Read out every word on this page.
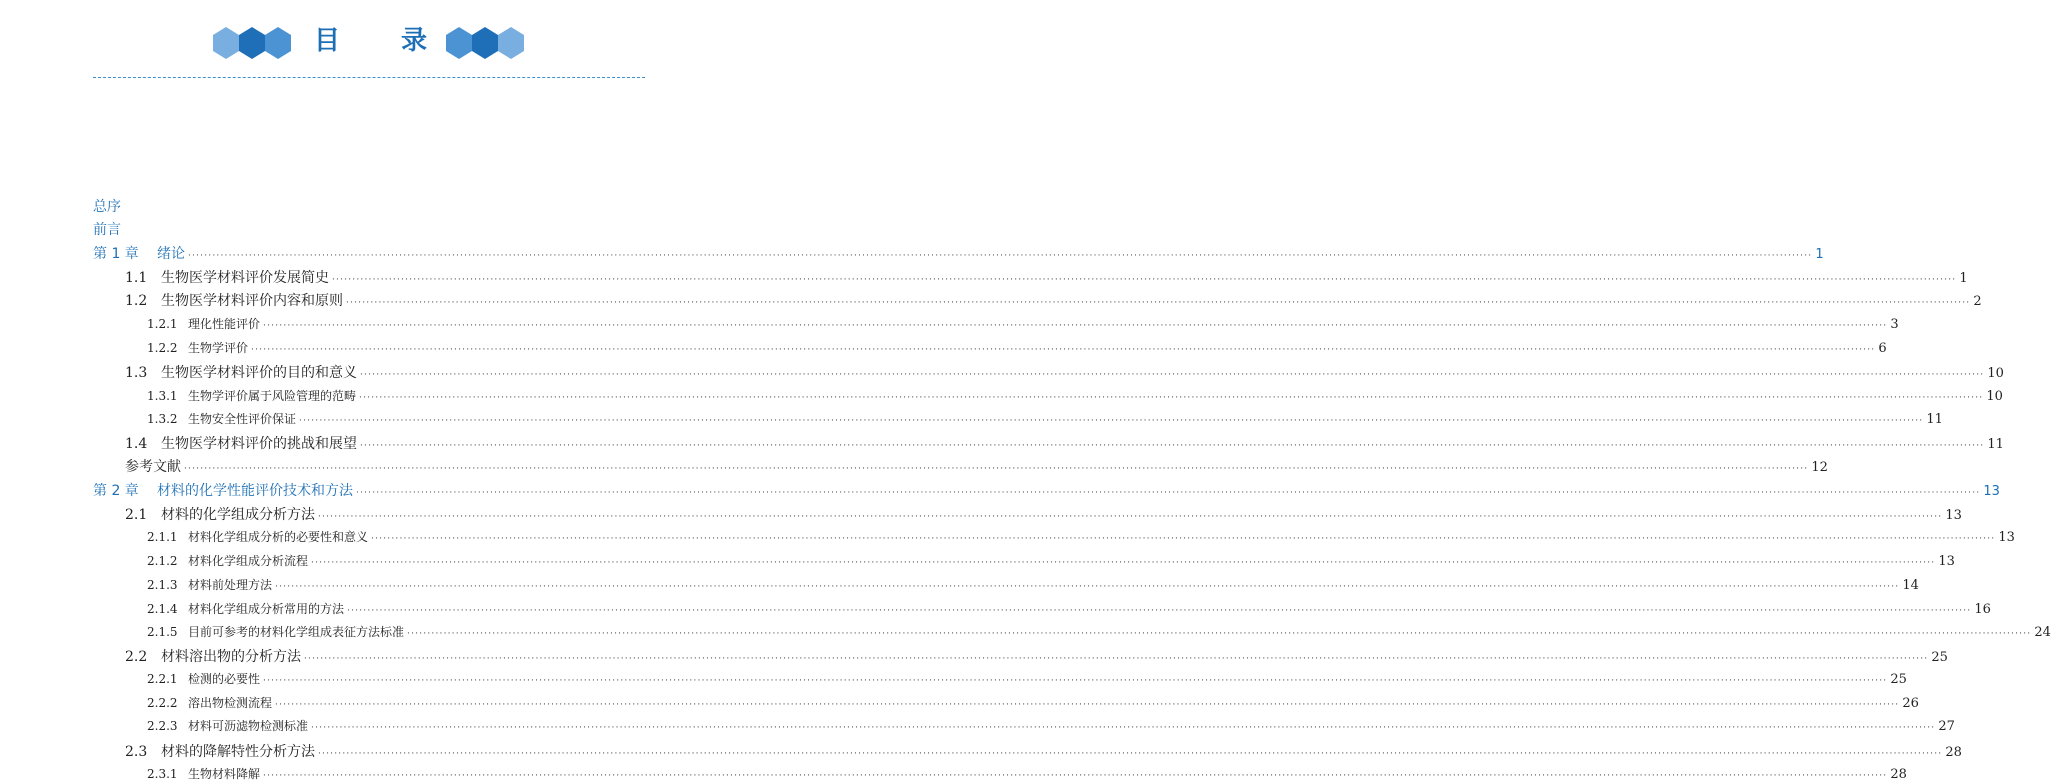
目 录
总序
前言
第 1 章	绪论 ················································································································································································································································································································································································································ 1
1.1 生物医学材料评价发展简史 ················································································································································································································································································································································································································ 1
1.2 生物医学材料评价内容和原则 ················································································································································································································································································································································································································ 2
1.2.1 理化性能评价 ················································································································································································································································································································································································································ 3
1.2.2 生物学评价 ················································································································································································································································································································································································································ 6
1.3 生物医学材料评价的目的和意义 ················································································································································································································································································································································································································ 10
1.3.1 生物学评价属于风险管理的范畴 ················································································································································································································································································································································································································ 10
1.3.2 生物安全性评价保证 ················································································································································································································································································································································································································ 11
1.4 生物医学材料评价的挑战和展望 ················································································································································································································································································································································································································ 11
参考文献 ················································································································································································································································································································································································································ 12
第 2 章	材料的化学性能评价技术和方法 ················································································································································································································································································································································································································ 13
2.1 材料的化学组成分析方法 ················································································································································································································································································································································································································ 13
2.1.1 材料化学组成分析的必要性和意义 ················································································································································································································································································································································································································ 13
2.1.2 材料化学组成分析流程 ················································································································································································································································································································································································································ 13
2.1.3 材料前处理方法 ················································································································································································································································································································································································································ 14
2.1.4 材料化学组成分析常用的方法 ················································································································································································································································································································································································································ 16
2.1.5 目前可参考的材料化学组成表征方法标准 ················································································································································································································································································································································································································ 24
2.2 材料溶出物的分析方法 ················································································································································································································································································································································································································ 25
2.2.1 检测的必要性 ················································································································································································································································································································································································································ 25
2.2.2 溶出物检测流程 ················································································································································································································································································································································································································ 26
2.2.3 材料可沥滤物检测标准 ················································································································································································································································································································································································································ 27
2.3 材料的降解特性分析方法 ················································································································································································································································································································································································································ 28
2.3.1 生物材料降解 ················································································································································································································································································································································································································ 28
